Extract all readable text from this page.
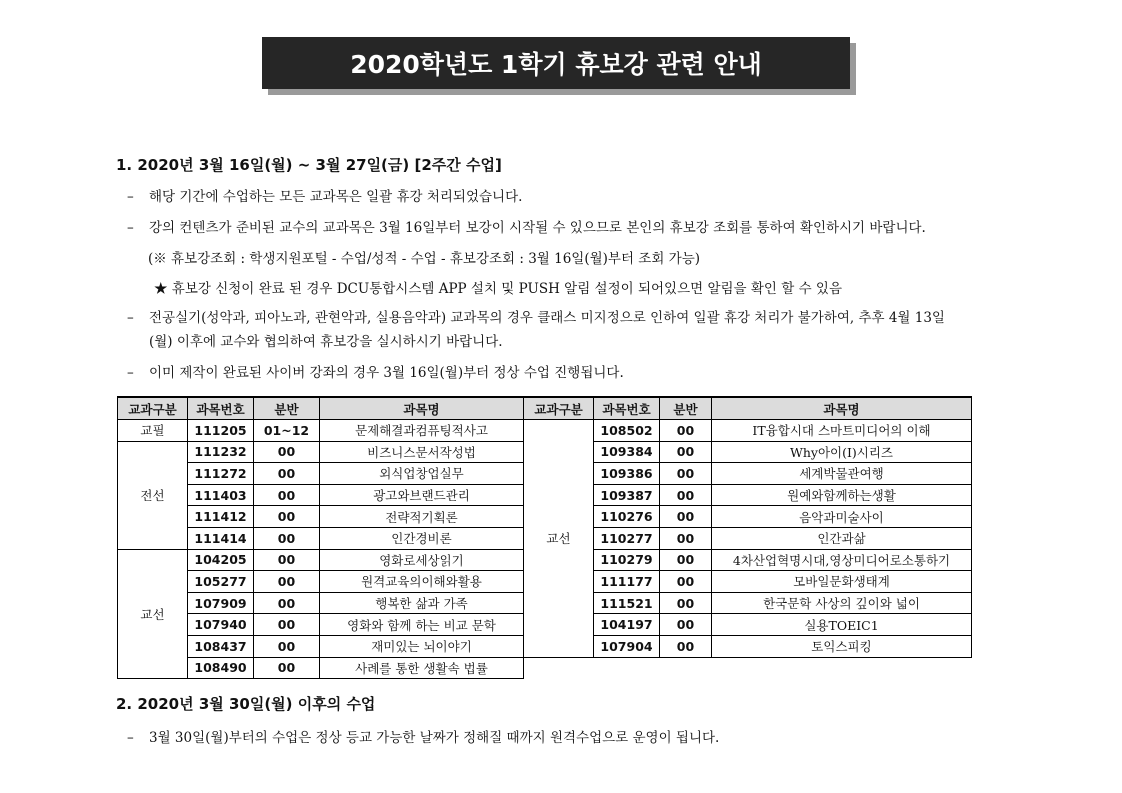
2020학년도 1학기 휴보강 관련 안내
1. 2020년 3월 16일(월) ~ 3월 27일(금) [2주간 수업]
– 해당 기간에 수업하는 모든 교과목은 일괄 휴강 처리되었습니다.
– 강의 컨텐츠가 준비된 교수의 교과목은 3월 16일부터 보강이 시작될 수 있으므로 본인의 휴보강 조회를 통하여 확인하시기 바랍니다.
(※ 휴보강조회 : 학생지원포털 - 수업/성적 - 수업 - 휴보강조회 : 3월 16일(월)부터 조회 가능)
★ 휴보강 신청이 완료 된 경우 DCU통합시스템 APP 설치 및 PUSH 알림 설정이 되어있으면 알림을 확인 할 수 있음
– 전공실기(성악과, 피아노과, 관현악과, 실용음악과) 교과목의 경우 클래스 미지정으로 인하여 일괄 휴강 처리가 불가하여, 추후 4월 13일
(월) 이후에 교수와 협의하여 휴보강을 실시하시기 바랍니다.
– 이미 제작이 완료된 사이버 강좌의 경우 3월 16일(월)부터 정상 수업 진행됩니다.
교과구분	과목번호	분반	과목명	교과구분	과목번호	분반	과목명
교필	111205	01~12	문제해결과컴퓨팅적사고	교선	108502	00	IT융합시대 스마트미디어의 이해
전선	111232	00	비즈니스문서작성법		109384	00	Why아이(I)시리즈
	111272	00	외식업창업실무		109386	00	세계박물관여행
	111403	00	광고와브랜드관리		109387	00	원예와함께하는생활
	111412	00	전략적기획론		110276	00	음악과미술사이
	111414	00	인간경비론		110277	00	인간과삶
교선	104205	00	영화로세상읽기		110279	00	4차산업혁명시대,영상미디어로소통하기
	105277	00	원격교육의이해와활용		111177	00	모바일문화생태계
	107909	00	행복한 삶과 가족		111521	00	한국문학 사상의 깊이와 넓이
	107940	00	영화와 함께 하는 비교 문학		104197	00	실용TOEIC1
	108437	00	재미있는 뇌이야기		107904	00	토익스피킹
	108490	00	사례를 통한 생활속 법률				
2. 2020년 3월 30일(월) 이후의 수업
– 3월 30일(월)부터의 수업은 정상 등교 가능한 날짜가 정해질 때까지 원격수업으로 운영이 됩니다.
